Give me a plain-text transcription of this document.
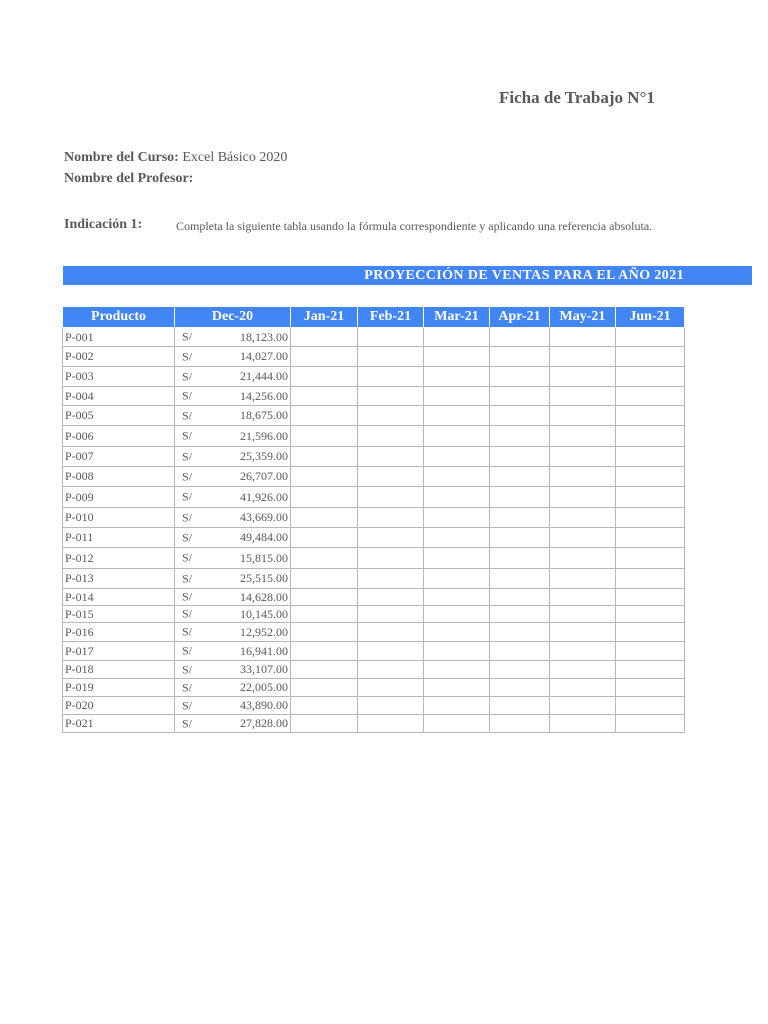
Ficha de Trabajo N°1
Nombre del Curso: Excel Básico 2020
Nombre del Profesor:
Indicación 1:	Completa la siguiente tabla usando la fórmula correspondiente y aplicando una referencia absoluta.
PROYECCIÓN DE VENTAS PARA EL AÑO 2021
Producto	Dec-20	Jan-21	Feb-21	Mar-21	Apr-21	May-21	Jun-21
P-001	S/ 18,123.00						

P-002	S/ 14,027.00						

P-003	S/ 21,444.00						

P-004	S/ 14,256.00						

P-005	S/ 18,675.00						

P-006	S/ 21,596.00						

P-007	S/ 25,359.00						

P-008	S/ 26,707.00						

P-009	S/ 41,926.00						

P-010	S/ 43,669.00						

P-011	S/ 49,484.00						

P-012	S/ 15,815.00						

P-013	S/ 25,515.00						

P-014	S/ 14,628.00						

P-015	S/ 10,145.00						

P-016	S/ 12,952.00						

P-017	S/ 16,941.00						

P-018	S/ 33,107.00						

P-019	S/ 22,005.00						

P-020	S/ 43,890.00						

P-021	S/ 27,828.00						
